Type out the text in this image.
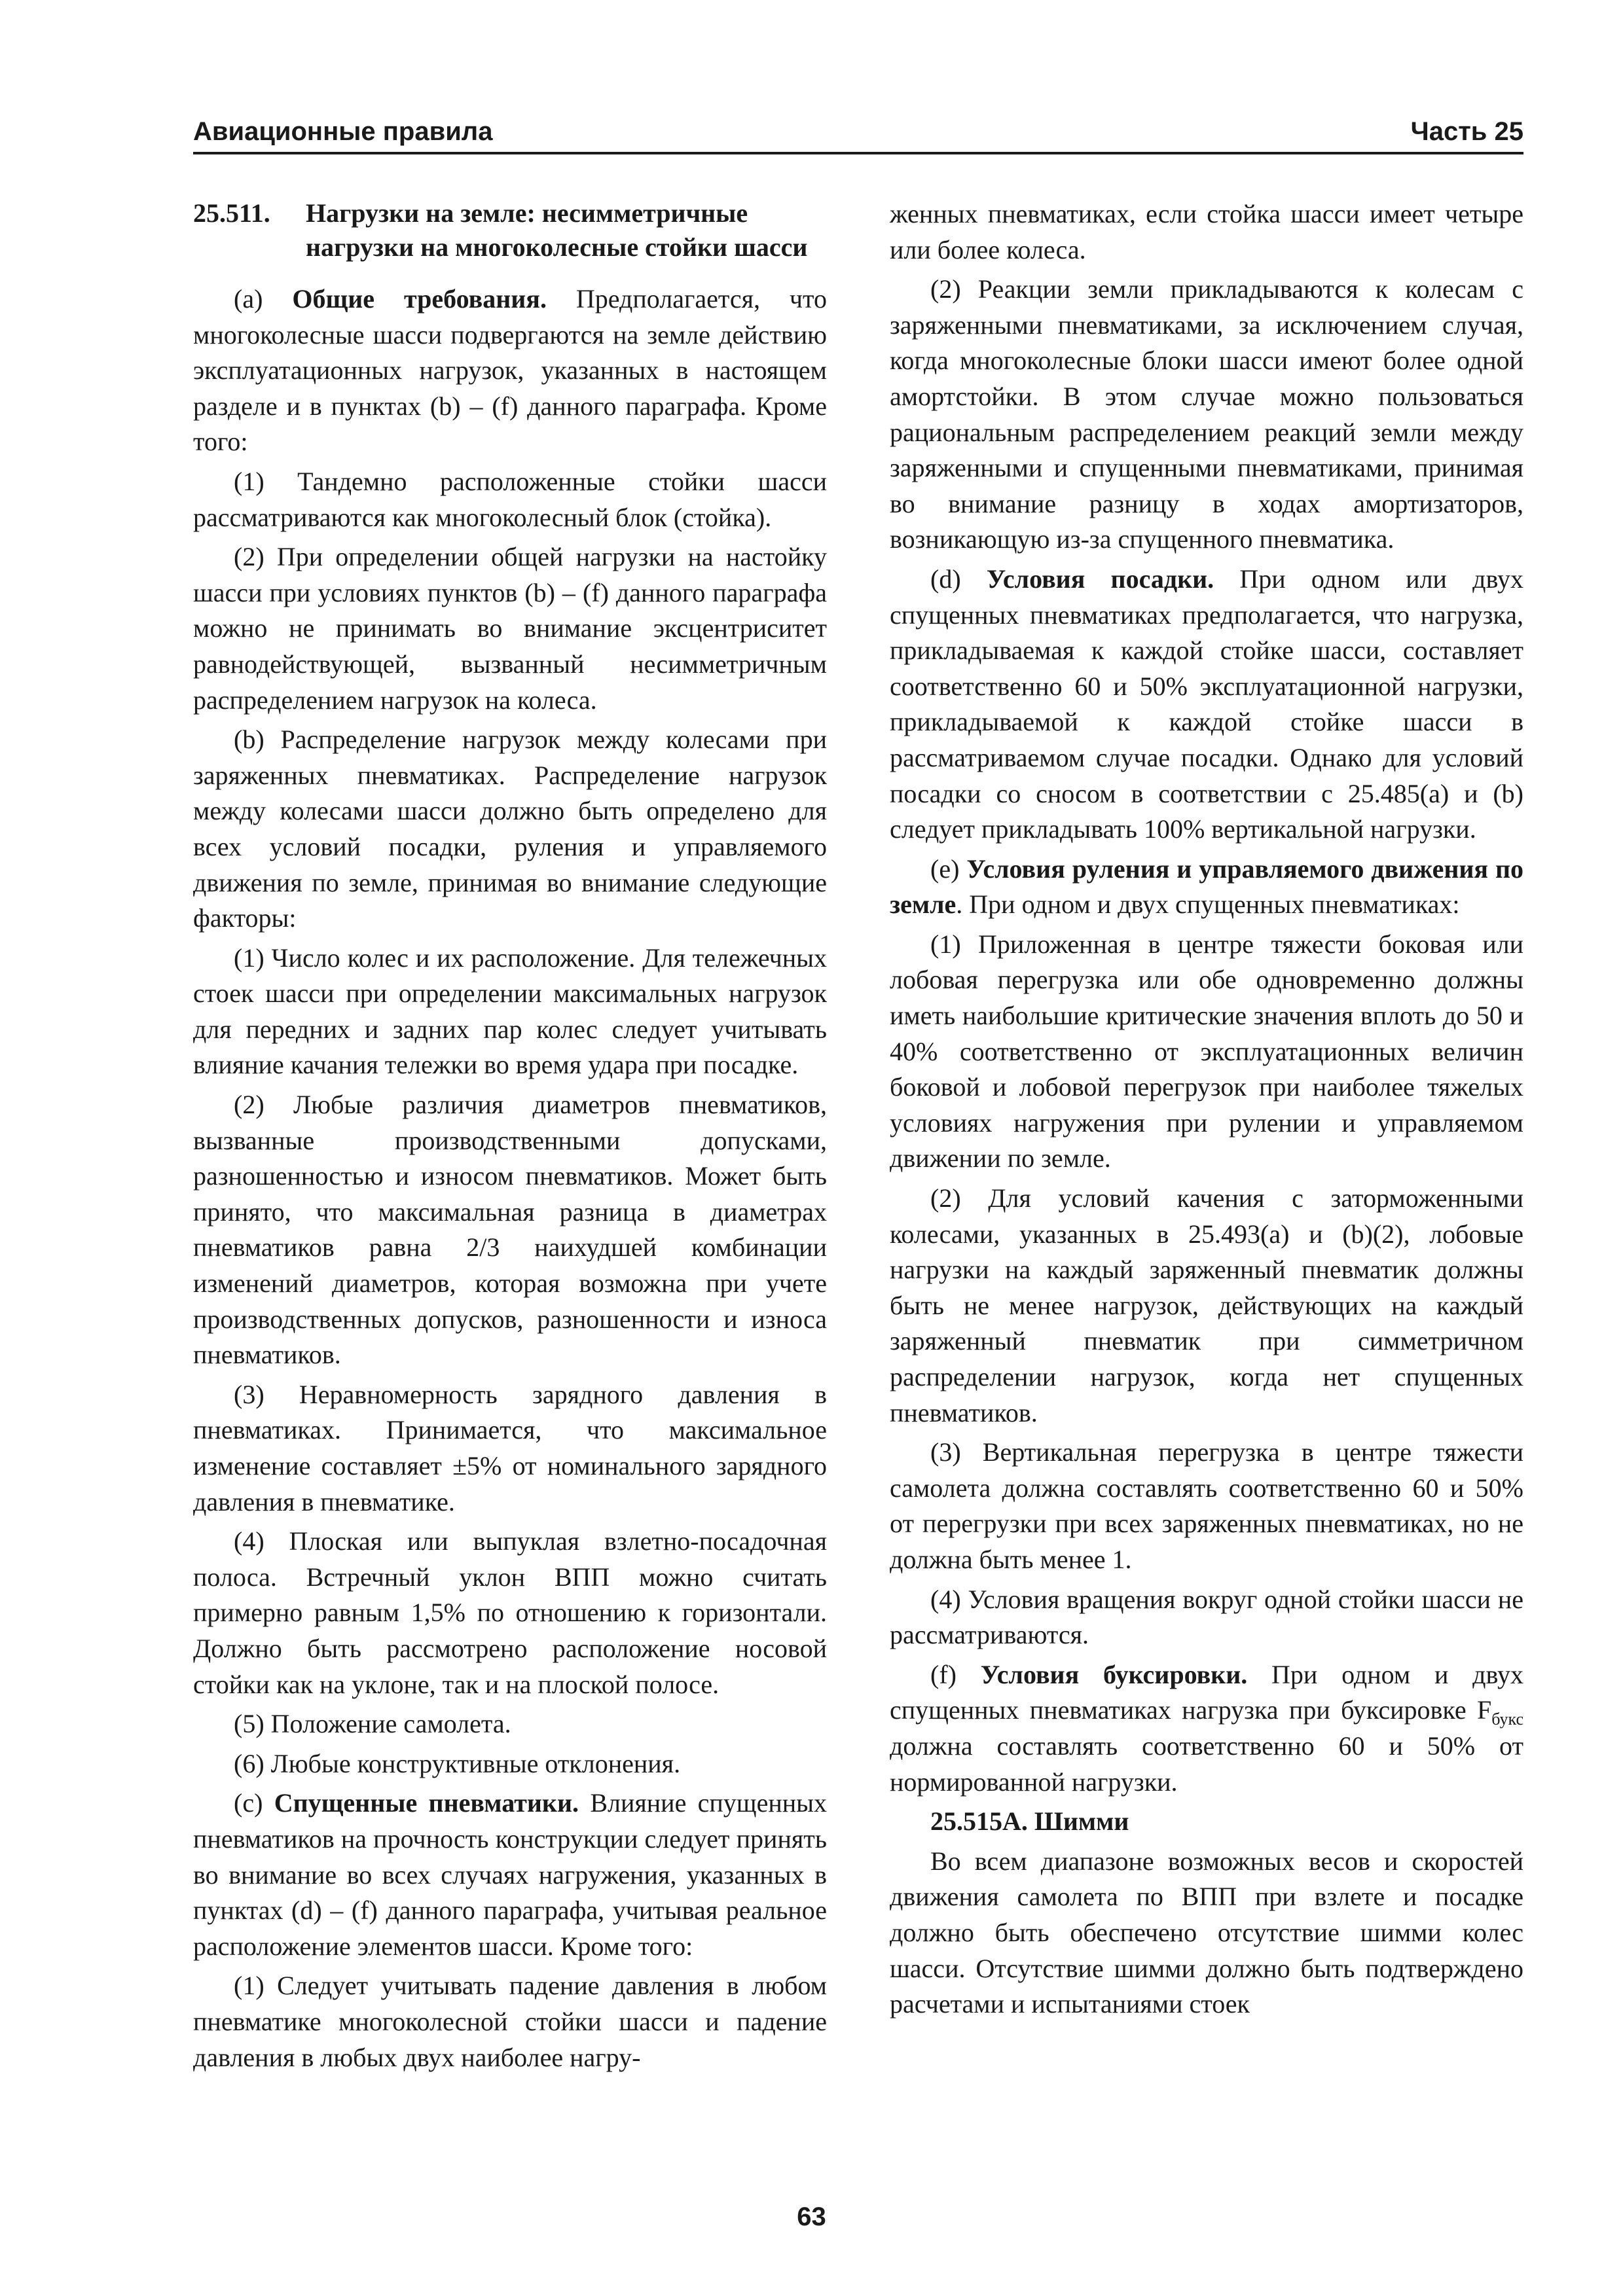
Авиационные правила	Часть 25
25.511.	Нагрузки на земле: несимметричные нагрузки на многоколесные стойки шасси

(a) Общие требования. Предполагается, что многоколесные шасси подвергаются на земле действию эксплуатационных нагрузок, указанных в настоящем разделе и в пунктах (b) – (f) данного параграфа. Кроме того:

(1) Тандемно расположенные стойки шасси рассматриваются как многоколесный блок (стойка).

(2) При определении общей нагрузки на настойку шасси при условиях пунктов (b) – (f) данного параграфа можно не принимать во внимание эксцентриситет равнодействующей, вызванный несимметричным распределением нагрузок на колеса.

(b) Распределение нагрузок между колесами при заряженных пневматиках. Распределение нагрузок между колесами шасси должно быть определено для всех условий посадки, руления и управляемого движения по земле, принимая во внимание следующие факторы:

(1) Число колес и их расположение. Для тележечных стоек шасси при определении максимальных нагрузок для передних и задних пар колес следует учитывать влияние качания тележки во время удара при посадке.

(2) Любые различия диаметров пневматиков, вызванные производственными допусками, разношенностью и износом пневматиков. Может быть принято, что максимальная разница в диаметрах пневматиков равна 2/3 наихудшей комбинации изменений диаметров, которая возможна при учете производственных допусков, разношенности и износа пневматиков.

(3) Неравномерность зарядного давления в пневматиках. Принимается, что максимальное изменение составляет ±5% от номинального зарядного давления в пневматике.

(4) Плоская или выпуклая взлетно-посадочная полоса. Встречный уклон ВПП можно считать примерно равным 1,5% по отношению к горизонтали. Должно быть рассмотрено расположение носовой стойки как на уклоне, так и на плоской полосе.

(5) Положение самолета.

(6) Любые конструктивные отклонения.

(c) Спущенные пневматики. Влияние спущенных пневматиков на прочность конструкции следует принять во внимание во всех случаях нагружения, указанных в пунктах (d) – (f) данного параграфа, учитывая реальное расположение элементов шасси. Кроме того:

(1) Следует учитывать падение давления в любом пневматике многоколесной стойки шасси и падение давления в любых двух наиболее нагру-

женных пневматиках, если стойка шасси имеет четыре или более колеса.

(2) Реакции земли прикладываются к колесам с заряженными пневматиками, за исключением случая, когда многоколесные блоки шасси имеют более одной амортстойки. В этом случае можно пользоваться рациональным распределением реакций земли между заряженными и спущенными пневматиками, принимая во внимание разницу в ходах амортизаторов, возникающую из-за спущенного пневматика.

(d) Условия посадки. При одном или двух спущенных пневматиках предполагается, что нагрузка, прикладываемая к каждой стойке шасси, составляет соответственно 60 и 50% эксплуатационной нагрузки, прикладываемой к каждой стойке шасси в рассматриваемом случае посадки. Однако для условий посадки со сносом в соответствии с 25.485(a) и (b) следует прикладывать 100% вертикальной нагрузки.

(e) Условия руления и управляемого движения по земле. При одном и двух спущенных пневматиках:

(1) Приложенная в центре тяжести боковая или лобовая перегрузка или обе одновременно должны иметь наибольшие критические значения вплоть до 50 и 40% соответственно от эксплуатационных величин боковой и лобовой перегрузок при наиболее тяжелых условиях нагружения при рулении и управляемом движении по земле.

(2) Для условий качения с заторможенными колесами, указанных в 25.493(a) и (b)(2), лобовые нагрузки на каждый заряженный пневматик должны быть не менее нагрузок, действующих на каждый заряженный пневматик при симметричном распределении нагрузок, когда нет спущенных пневматиков.

(3) Вертикальная перегрузка в центре тяжести самолета должна составлять соответственно 60 и 50% от перегрузки при всех заряженных пневматиках, но не должна быть менее 1.

(4) Условия вращения вокруг одной стойки шасси не рассматриваются.

(f) Условия буксировки. При одном и двух спущенных пневматиках нагрузка при буксировке $F_{букс}$ должна составлять соответственно 60 и 50% от нормированной нагрузки.

25.515А. Шимми

Во всем диапазоне возможных весов и скоростей движения самолета по ВПП при взлете и посадке должно быть обеспечено отсутствие шимми колес шасси. Отсутствие шимми должно быть подтверждено расчетами и испытаниями стоек

63
